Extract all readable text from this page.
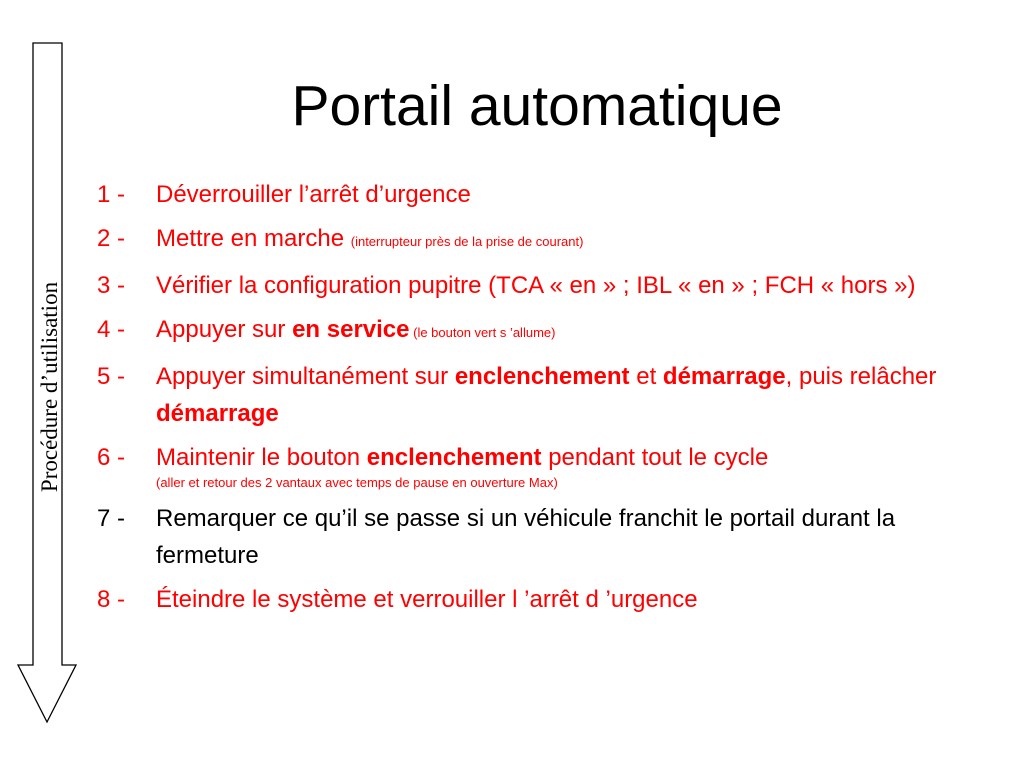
Procédure d’utilisation
Portail automatique
1 - Déverrouiller l’arrêt d’urgence
2 - Mettre en marche (interrupteur près de la prise de courant)
3 - Vérifier la configuration pupitre (TCA « en » ; IBL « en » ; FCH « hors »)
4 - Appuyer sur en service (le bouton vert s ’allume)
5 - Appuyer simultanément sur enclenchement et démarrage, puis relâcher démarrage
6 - Maintenir le bouton enclenchement pendant tout le cycle
(aller et retour des 2 vantaux avec temps de pause en ouverture Max)
7 - Remarquer ce qu’il se passe si un véhicule franchit le portail durant la fermeture
8 - Éteindre le système et verrouiller l ’arrêt d ’urgence
